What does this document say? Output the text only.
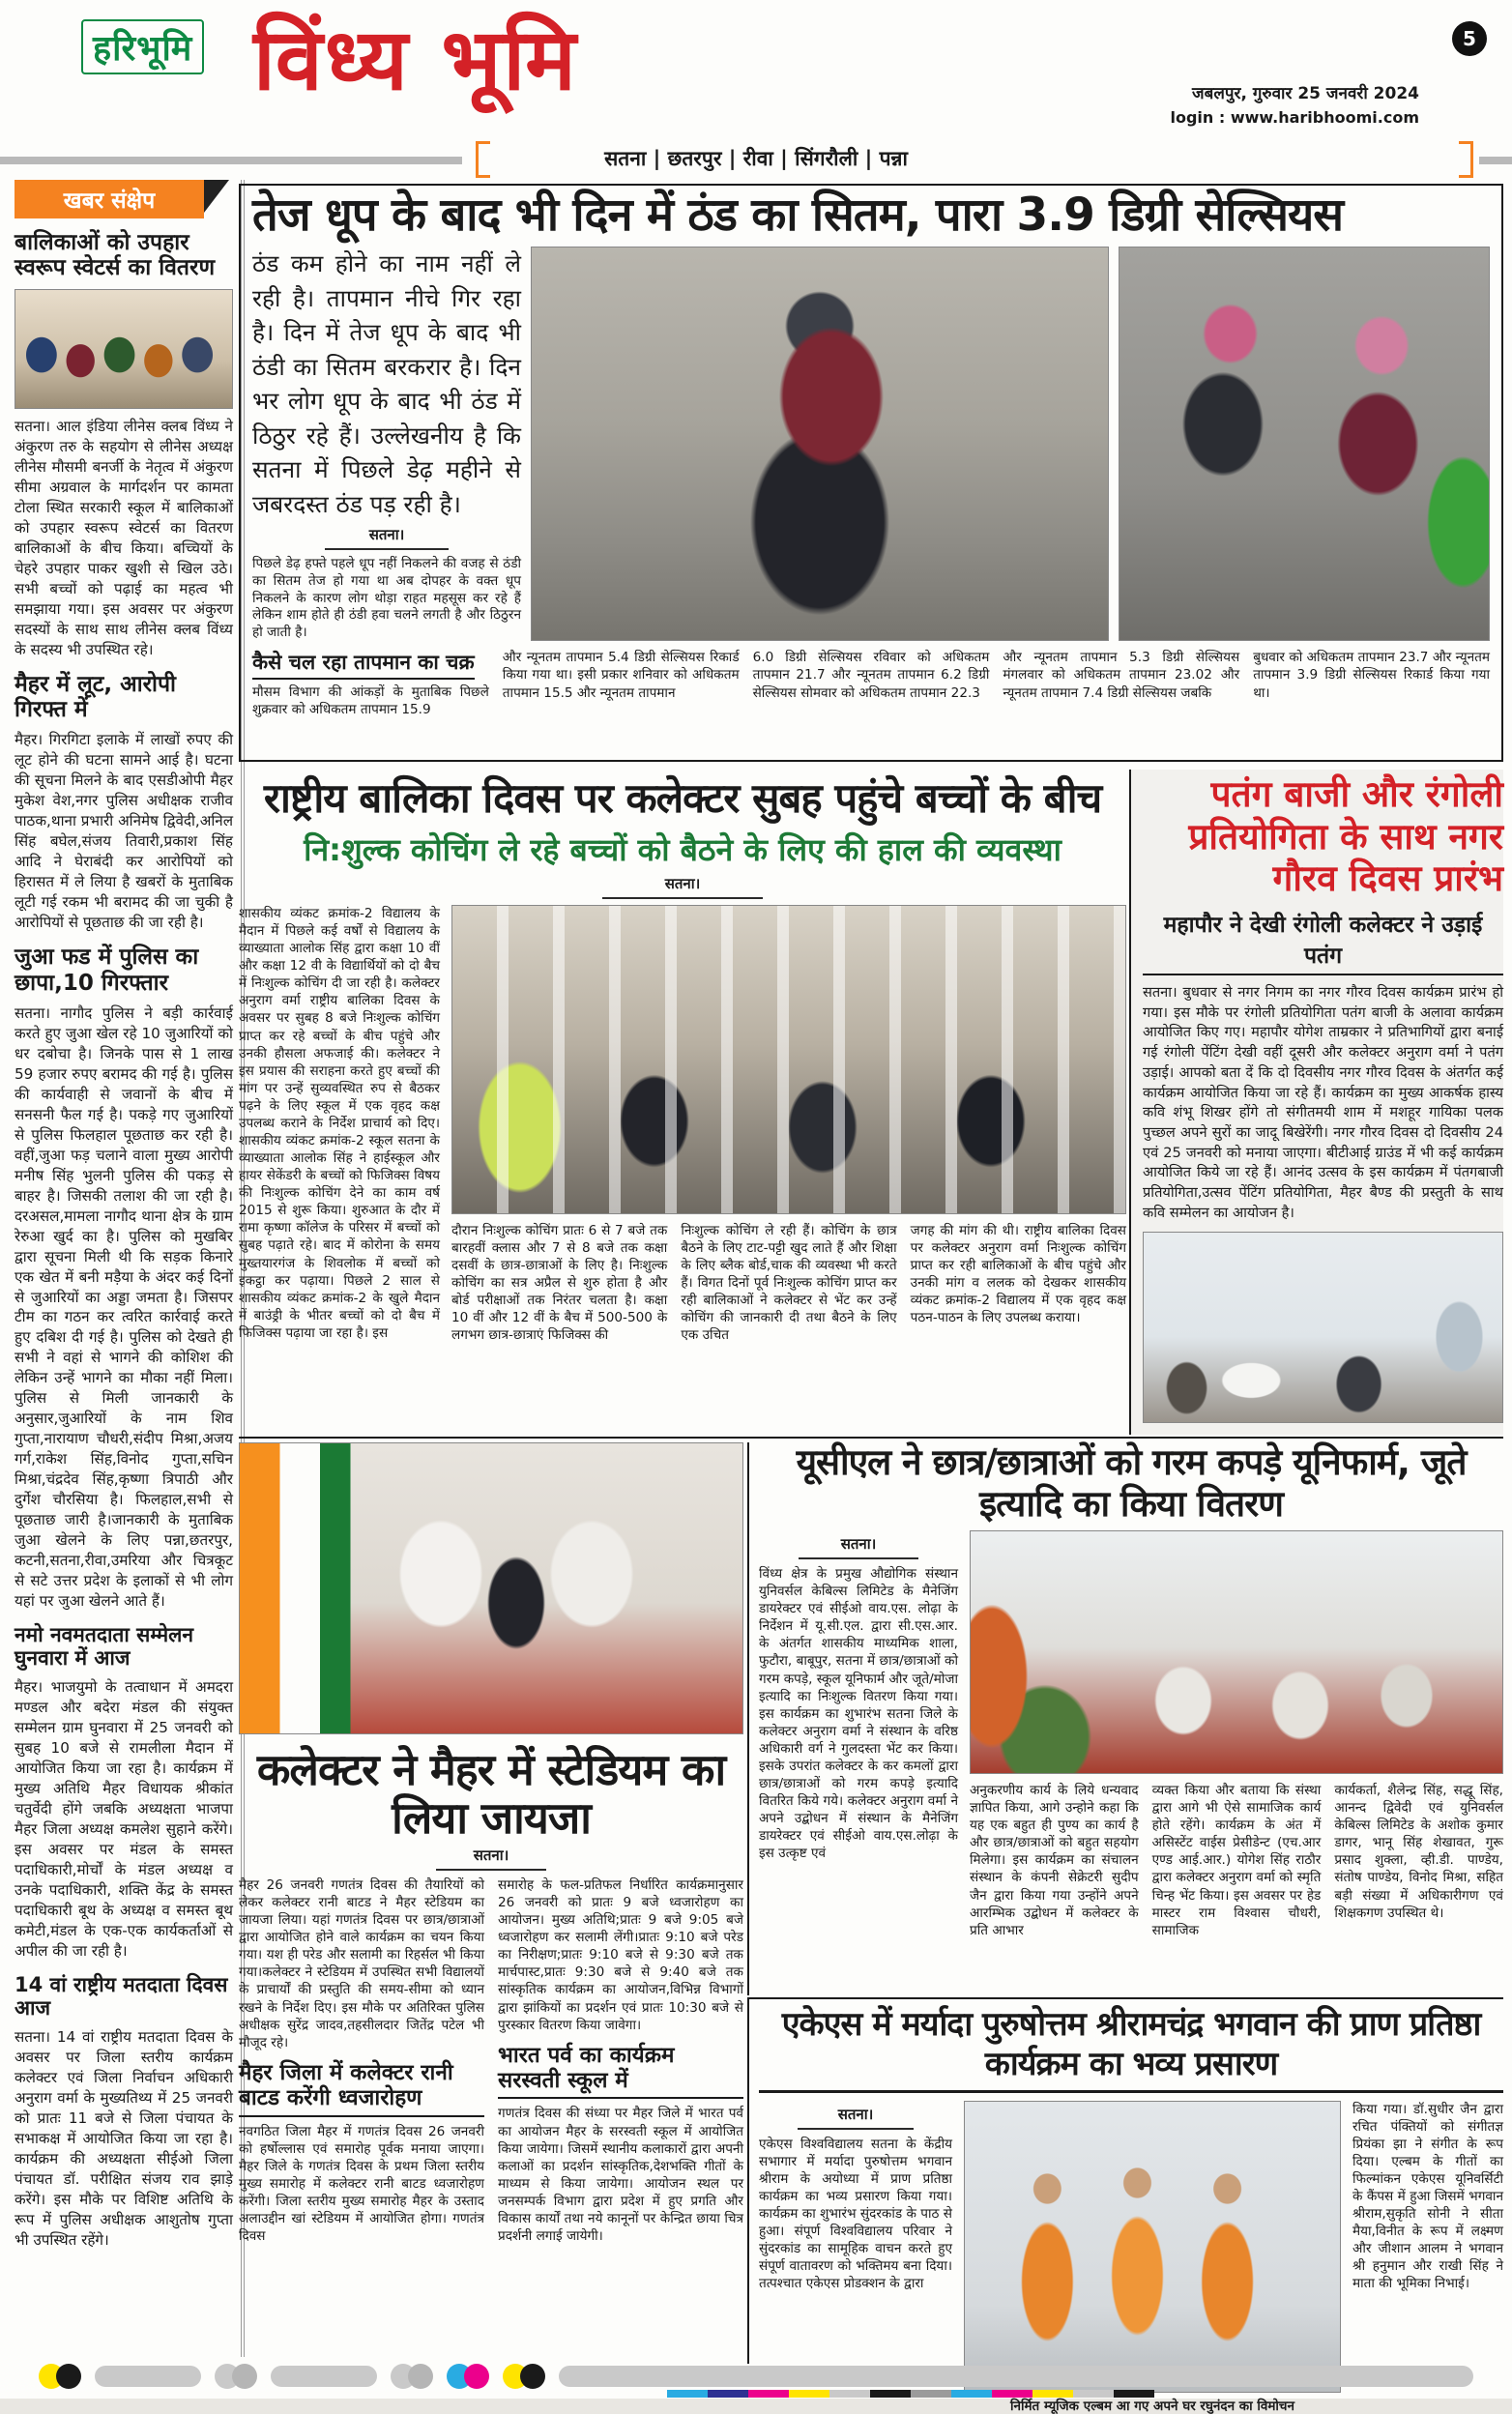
हरिभूमि विंध्य भूमि	5
जबलपुर, गुरुवार 25 जनवरी 2024
login : www.haribhoomi.com
सतना | छतरपुर | रीवा | सिंगरौली | पन्ना
खबर संक्षेप
बालिकाओं को उपहार स्वरूप स्वेटर्स का वितरण

सतना। आल इंडिया लीनेस क्लब विंध्य ने अंकुरण तरु के सहयोग से लीनेस अध्यक्ष लीनेस मौसमी बनर्जी के नेतृत्व में अंकुरण सीमा अग्रवाल के मार्गदर्शन पर कामता टोला स्थित सरकारी स्कूल में बालिकाओं को उपहार स्वरूप स्वेटर्स का वितरण बालिकाओं के बीच किया। बच्चियों के चेहरे उपहार पाकर खुशी से खिल उठे।सभी बच्चों को पढ़ाई का महत्व भी समझाया गया। इस अवसर पर अंकुरण सदस्यों के साथ साथ लीनेस क्लब विंध्य के सदस्य भी उपस्थित रहे।

मैहर में लूट, आरोपी गिरफ्त में

मैहर। गिरगिटा इलाके में लाखों रुपए की लूट होने की घटना सामने आई है। घटना की सूचना मिलने के बाद एसडीओपी मैहर मुकेश वेश,नगर पुलिस अधीक्षक राजीव पाठक,थाना प्रभारी अनिमेष द्विवेदी,अनिल सिंह बघेल,संजय तिवारी,प्रकाश सिंह आदि ने घेराबंदी कर आरोपियों को हिरासत में ले लिया है खबरों के मुताबिक लूटी गई रकम भी बरामद की जा चुकी है आरोपियों से पूछताछ की जा रही है।

जुआ फड में पुलिस का छापा,10 गिरफ्तार

सतना। नागौद पुलिस ने बड़ी कार्रवाई करते हुए जुआ खेल रहे 10 जुआरियों को धर दबोचा है। जिनके पास से 1 लाख 59 हजार रुपए बरामद की गई है। पुलिस की कार्यवाही से जवानों के बीच में सनसनी फैल गई है। पकड़े गए जुआरियों से पुलिस फिलहाल पूछताछ कर रही है। वहीं,जुआ फड़ चलाने वाला मुख्य आरोपी मनीष सिंह भुलनी पुलिस की पकड़ से बाहर है। जिसकी तलाश की जा रही है। दरअसल,मामला नागौद थाना क्षेत्र के ग्राम रेरुआ खुर्द का है। पुलिस को मुखबिर द्वारा सूचना मिली थी कि सड़क किनारे एक खेत में बनी मड़ैया के अंदर कई दिनों से जुआरियों का अड्डा जमता है। जिसपर टीम का गठन कर त्वरित कार्रवाई करते हुए दबिश दी गई है। पुलिस को देखते ही सभी ने वहां से भागने की कोशिश की लेकिन उन्हें भागने का मौका नहीं मिला। पुलिस से मिली जानकारी के अनुसार,जुआरियों के नाम शिव गुप्ता,नारायाण चौधरी,संदीप मिश्रा,अजय गर्ग,राकेश सिंह,विनोद गुप्ता,सचिन मिश्रा,चंद्रदेव सिंह,कृष्णा त्रिपाठी और दुर्गेश चौरसिया है। फिलहाल,सभी से पूछताछ जारी है।जानकारी के मुताबिक जुआ खेलने के लिए पन्ना,छतरपुर, कटनी,सतना,रीवा,उमरिया और चित्रकूट से सटे उत्तर प्रदेश के इलाकों से भी लोग यहां पर जुआ खेलने आते हैं।

नमो नवमतदाता सम्मेलन घुनवारा में आज

मैहर। भाजयुमो के तत्वाधान में अमदरा मण्डल और बदेरा मंडल की संयुक्त सम्मेलन ग्राम घुनवारा में 25 जनवरी को सुबह 10 बजे से रामलीला मैदान में आयोजित किया जा रहा है। कार्यक्रम में मुख्य अतिथि मैहर विधायक श्रीकांत चतुर्वेदी होंगे जबकि अध्यक्षता भाजपा मैहर जिला अध्यक्ष कमलेश सुहाने करेंगे। इस अवसर पर मंडल के समस्त पदाधिकारी,मोर्चों के मंडल अध्यक्ष व उनके पदाधिकारी, शक्ति केंद्र के समस्त पदाधिकारी बूथ के अध्यक्ष व समस्त बूथ कमेटी,मंडल के एक-एक कार्यकर्ताओं से अपील की जा रही है।

14 वां राष्ट्रीय मतदाता दिवस आज

सतना। 14 वां राष्ट्रीय मतदाता दिवस के अवसर पर जिला स्तरीय कार्यक्रम कलेक्टर एवं जिला निर्वाचन अधिकारी अनुराग वर्मा के मुख्यतिथ्य में 25 जनवरी को प्रातः 11 बजे से जिला पंचायत के सभाकक्ष में आयोजित किया जा रहा है। कार्यक्रम की अध्यक्षता सीईओ जिला पंचायत डॉ. परीक्षित संजय राव झाड़े करेंगे। इस मौके पर विशिष्ट अतिथि के रूप में पुलिस अधीक्षक आशुतोष गुप्ता भी उपस्थित रहेंगे।

तेज धूप के बाद भी दिन में ठंड का सितम, पारा 3.9 डिग्री सेल्सियस

ठंड कम होने का नाम नहीं ले रही है। तापमान नीचे गिर रहा है। दिन में तेज धूप के बाद भी ठंडी का सितम बरकरार है। दिन भर लोग धूप के बाद भी ठंड में ठिठुर रहे हैं। उल्लेखनीय है कि सतना में पिछले डेढ़ महीने से जबरदस्त ठंड पड़ रही है।

सतना।

पिछले डेढ़ हफ्ते पहले धूप नहीं निकलने की वजह से ठंडी का सितम तेज हो गया था अब दोपहर के वक्त धूप निकलने के कारण लोग थोड़ा राहत महसूस कर रहे हैं लेकिन शाम होते ही ठंडी हवा चलने लगती है और ठिठुरन हो जाती है।

कैसे चल रहा तापमान का चक्र

मौसम विभाग की आंकड़ों के मुताबिक पिछले शुक्रवार को अधिकतम तापमान 15.9

और न्यूनतम तापमान 5.4 डिग्री सेल्सियस रिकार्ड किया गया था। इसी प्रकार शनिवार को अधिकतम तापमान 15.5 और न्यूनतम तापमान

6.0 डिग्री सेल्सियस रविवार को अधिकतम तापमान 21.7 और न्यूनतम तापमान 6.2 डिग्री सेल्सियस सोमवार को अधिकतम तापमान 22.3

और न्यूनतम तापमान 5.3 डिग्री सेल्सियस मंगलवार को अधिकतम तापमान 23.02 और न्यूनतम तापमान 7.4 डिग्री सेल्सियस जबकि

बुधवार को अधिकतम तापमान 23.7 और न्यूनतम तापमान 3.9 डिग्री सेल्सियस रिकार्ड किया गया था।

राष्ट्रीय बालिका दिवस पर कलेक्टर सुबह पहुंचे बच्चों के बीच
नि:शुल्क कोचिंग ले रहे बच्चों को बैठने के लिए की हाल की व्यवस्था
सतना।

शासकीय व्यंकट क्रमांक-2 विद्यालय के मैदान में पिछले कई वर्षों से विद्यालय के व्याख्याता आलोक सिंह द्वारा कक्षा 10 वीं और कक्षा 12 वी के विद्यार्थियों को दो बैच में निःशुल्क कोचिंग दी जा रही है। कलेक्टर अनुराग वर्मा राष्ट्रीय बालिका दिवस के अवसर पर सुबह 8 बजे निःशुल्क कोचिंग प्राप्त कर रहे बच्चों के बीच पहुंचे और उनकी हौसला अफजाई की। कलेक्टर ने इस प्रयास की सराहना करते हुए बच्चों की मांग पर उन्हें सुव्यवस्थित रुप से बैठकर पढ़ने के लिए स्कूल में एक वृहद कक्ष उपलब्ध कराने के निर्देश प्राचार्य को दिए। शासकीय व्यंकट क्रमांक-2 स्कूल सतना के व्याख्याता आलोक सिंह ने हाईस्कूल और हायर सेकेंडरी के बच्चों को फिजिक्स विषय की निःशुल्क कोचिंग देने का काम वर्ष 2015 से शुरू किया। शुरुआत के दौर में रामा कृष्णा कॉलेज के परिसर में बच्चों को सुबह पढ़ाते रहे। बाद में कोरोना के समय मुख्तयारगंज के शिवलोक में बच्चों को इकट्ठा कर पढ़ाया। पिछले 2 साल से शासकीय व्यंकट क्रमांक-2 के खुले मैदान में बाउंड्री के भीतर बच्चों को दो बैच में फिजिक्स पढ़ाया जा रहा है। इस

दौरान निःशुल्क कोचिंग प्रातः 6 से 7 बजे तक बारहवीं क्लास और 7 से 8 बजे तक कक्षा दसवीं के छात्र-छात्राओं के लिए है। निःशुल्क कोचिंग का सत्र अप्रैल से शुरु होता है और बोर्ड परीक्षाओं तक निरंतर चलता है। कक्षा 10 वीं और 12 वीं के बैच में 500-500 के लगभग छात्र-छात्राएं फिजिक्स की

निःशुल्क कोचिंग ले रही हैं। कोचिंग के छात्र बैठने के लिए टाट-पट्टी खुद लाते हैं और शिक्षा के लिए ब्लैक बोर्ड,चाक की व्यवस्था भी करते हैं। विगत दिनों पूर्व निःशुल्क कोचिंग प्राप्त कर रही बालिकाओं ने कलेक्टर से भेंट कर उन्हें कोचिंग की जानकारी दी तथा बैठने के लिए एक उचित

जगह की मांग की थी। राष्ट्रीय बालिका दिवस पर कलेक्टर अनुराग वर्मा निःशुल्क कोचिंग प्राप्त कर रही बालिकाओं के बीच पहुंचे और उनकी मांग व ललक को देखकर शासकीय व्यंकट क्रमांक-2 विद्यालय में एक वृहद कक्ष पठन-पाठन के लिए उपलब्ध कराया।

पतंग बाजी और रंगोली प्रतियोगिता के साथ नगर गौरव दिवस प्रारंभ
महापौर ने देखी रंगोली कलेक्टर ने उड़ाई पतंग

सतना। बुधवार से नगर निगम का नगर गौरव दिवस कार्यक्रम प्रारंभ हो गया। इस मौके पर रंगोली प्रतियोगिता पतंग बाजी के अलावा कार्यक्रम आयोजित किए गए। महापौर योगेश ताम्रकार ने प्रतिभागियों द्वारा बनाई गई रंगोली पेंटिंग देखी वहीं दूसरी और कलेक्टर अनुराग वर्मा ने पतंग उड़ाई। आपको बता दें कि दो दिवसीय नगर गौरव दिवस के अंतर्गत कई कार्यक्रम आयोजित किया जा रहे हैं। कार्यक्रम का मुख्य आकर्षक हास्य कवि शंभू शिखर होंगे तो संगीतमयी शाम में मशहूर गायिका पलक पुच्छल अपने सुरों का जादू बिखेरेंगी। नगर गौरव दिवस दो दिवसीय 24 एवं 25 जनवरी को मनाया जाएगा। बीटीआई ग्राउंड में भी कई कार्यक्रम आयोजित किये जा रहे हैं। आनंद उत्सव के इस कार्यक्रम में पंतगबाजी प्रतियोगिता,उत्सव पेंटिंग प्रतियोगिता, मैहर बैण्ड की प्रस्तुती के साथ कवि सम्मेलन का आयोजन है।

कलेक्टर ने मैहर में स्टेडियम का लिया जायजा
सतना।

मैहर 26 जनवरी गणतंत्र दिवस की तैयारियों को लेकर कलेक्टर रानी बाटड ने मैहर स्टेडियम का जायजा लिया। यहां गणतंत्र दिवस पर छात्र/छात्राओं द्वारा आयोजित होने वाले कार्यक्रम का चयन किया गया। यश ही परेड और सलामी का रिहर्सल भी किया गया।कलेक्टर ने स्टेडियम में उपस्थित सभी विद्यालयों के प्राचार्यों की प्रस्तुति की समय-सीमा को ध्यान रखने के निर्देश दिए। इस मौके पर अतिरिक्त पुलिस अधीक्षक सुरेंद्र जादव,तहसीलदार जितेंद्र पटेल भी मौजूद रहे।

मैहर जिला में कलेक्टर रानी बाटड करेंगी ध्वजारोहण

नवगठित जिला मैहर में गणतंत्र दिवस 26 जनवरी को हर्षोल्लास एवं समारोह पूर्वक मनाया जाएगा। मैहर जिले के गणतंत्र दिवस के प्रथम जिला स्तरीय मुख्य समारोह में कलेक्टर रानी बाटड ध्वजारोहण करेंगी। जिला स्तरीय मुख्य समारोह मैहर के उस्ताद अलाउद्दीन खां स्टेडियम में आयोजित होगा। गणतंत्र दिवस

समारोह के फल-प्रतिफल निर्धारित कार्यक्रमानुसार 26 जनवरी को प्रातः 9 बजे ध्वजारोहण का आयोजन। मुख्य अतिथि;प्रातः 9 बजे 9:05 बजे ध्वजारोहण कर सलामी लेंगी।प्रातः 9:10 बजे परेड का निरीक्षण;प्रातः 9:10 बजे से 9:30 बजे तक मार्चपास्ट,प्रातः 9:30 बजे से 9:40 बजे तक सांस्कृतिक कार्यक्रम का आयोजन,विभिन्न विभागों द्वारा झांकियों का प्रदर्शन एवं प्रातः 10:30 बजे से पुरस्कार वितरण किया जावेगा।

भारत पर्व का कार्यक्रम सरस्वती स्कूल में

गणतंत्र दिवस की संध्या पर मैहर जिले में भारत पर्व का आयोजन मैहर के सरस्वती स्कूल में आयोजित किया जायेगा। जिसमें स्थानीय कलाकारों द्वारा अपनी कलाओं का प्रदर्शन सांस्कृतिक,देशभक्ति गीतों के माध्यम से किया जायेगा। आयोजन स्थल पर जनसम्पर्क विभाग द्वारा प्रदेश में हुए प्रगति और विकास कार्यों तथा नये कानूनों पर केन्द्रित छाया चित्र प्रदर्शनी लगाई जायेगी।

यूसीएल ने छात्र/छात्राओं को गरम कपड़े यूनिफार्म, जूते इत्यादि का किया वितरण
सतना।

विंध्य क्षेत्र के प्रमुख औद्योगिक संस्थान युनिवर्सल केबिल्स लिमिटेड के मैनेजिंग डायरेक्टर एवं सीईओ वाय.एस. लोढ़ा के निर्देशन में यू.सी.एल. द्वारा सी.एस.आर. के अंतर्गत शासकीय माध्यमिक शाला, फुटौरा, बाबूपुर, सतना में छात्र/छात्राओं को गरम कपड़े, स्कूल यूनिफार्म और जूते/मोजा इत्यादि का निःशुल्क वितरण किया गया। इस कार्यक्रम का शुभारंभ सतना जिले के कलेक्टर अनुराग वर्मा ने संस्थान के वरिष्ठ अधिकारी वर्ग ने गुलदस्ता भेंट कर किया। इसके उपरांत कलेक्टर के कर कमलों द्वारा छात्र/छात्राओं को गरम कपड़े इत्यादि वितरित किये गये। कलेक्टर अनुराग वर्मा ने अपने उद्बोधन में संस्थान के मैनेजिंग डायरेक्टर एवं सीईओ वाय.एस.लोढ़ा के इस उत्कृष्ट एवं

अनुकरणीय कार्य के लिये धन्यवाद ज्ञापित किया, आगे उन्होने कहा कि यह एक बहुत ही पुण्य का कार्य है और छात्र/छात्राओं को बहुत सहयोग मिलेगा। इस कार्यक्रम का संचालन संस्थान के कंपनी सेक्रेटरी सुदीप जैन द्वारा किया गया उन्होंने अपने आरम्भिक उद्बोधन में कलेक्टर के प्रति आभार

व्यक्त किया और बताया कि संस्था द्वारा आगे भी ऐसे सामाजिक कार्य होते रहेंगे। कार्यक्रम के अंत में असिस्टेंट वाईस प्रेसीडेन्ट (एच.आर एण्ड आई.आर.) योगेश सिंह राठौर द्वारा कलेक्टर अनुराग वर्मा को स्मृति चिन्ह भेंट किया। इस अवसर पर हेड मास्टर राम विश्वास चौधरी, सामाजिक

कार्यकर्ता, शैलेन्द्र सिंह, सद्धू सिंह, आनन्द द्विवेदी एवं युनिवर्सल केबिल्स लिमिटेड के अशोक कुमार डागर, भानू सिंह शेखावत, गुरू प्रसाद शुक्ला, व्ही.डी. पाण्डेय, संतोष पाण्डेय, विनोद मिश्रा, सहित बड़ी संख्या में अधिकारीगण एवं शिक्षकगण उपस्थित थे।

एकेएस में मर्यादा पुरुषोत्तम श्रीरामचंद्र भगवान की प्राण प्रतिष्ठा कार्यक्रम का भव्य प्रसारण
सतना।

एकेएस विश्वविद्यालय सतना के केंद्रीय सभागार में मर्यादा पुरुषोत्तम भगवान श्रीराम के अयोध्या में प्राण प्रतिष्ठा कार्यक्रम का भव्य प्रसारण किया गया। कार्यक्रम का शुभारंभ सुंदरकांड के पाठ से हुआ। संपूर्ण विश्वविद्यालय परिवार ने सुंदरकांड का सामूहिक वाचन करते हुए संपूर्ण वातावरण को भक्तिमय बना दिया। तत्पश्चात एकेएस प्रोडक्शन के द्वारा

निर्मित म्यूजिक एल्बम आ गए अपने घर रघुनंदन का विमोचन

किया गया। डॉ.सुधीर जैन द्वारा रचित पंक्तियों को संगीतज्ञ प्रियंका झा ने संगीत के रूप दिया। एल्बम के गीतों का फिल्मांकन एकेएस यूनिवर्सिटी के कैंपस में हुआ जिसमें भगवान श्रीराम,सुकृति सोनी ने सीता मैया,विनीत के रूप में लक्ष्मण और जीशान आलम ने भगवान श्री हनुमान और राखी सिंह ने माता की भूमिका निभाई।
